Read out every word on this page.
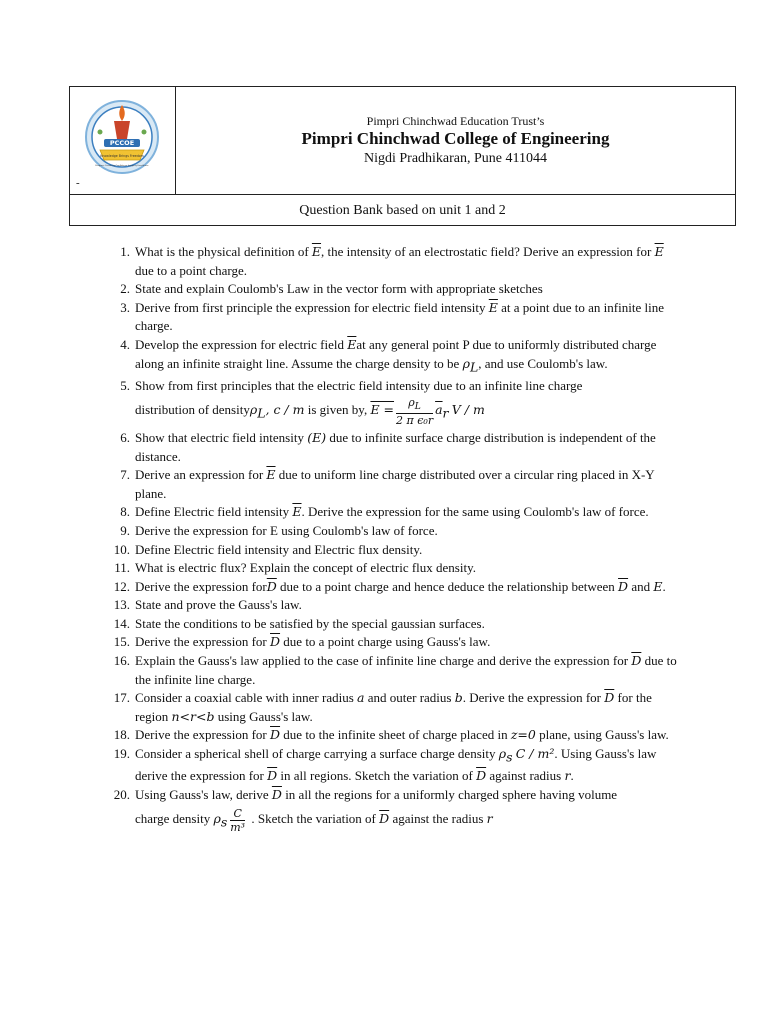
PCCOE
Knowledge Brings Freedom
Progress Creativity Confidence Integrity Excellence
-
Pimpri Chinchwad Education Trust’s
Pimpri Chinchwad College of Engineering
Nigdi Pradhikaran, Pune 411044
Question Bank based on unit 1 and 2
1. What is the physical definition of $\overline{E}$, the intensity of an electrostatic field? Derive an expression for $\overline{E}$ due to a point charge.
2. State and explain Coulomb's Law in the vector form with appropriate sketches
3. Derive from first principle the expression for electric field intensity $\overline{E}$ at a point due to an infinite line charge.
4. Develop the expression for electric field $\overline{E}at$ any general point P due to uniformly distributed charge along an infinite straight line. Assume the charge density to be $\rho_L$, and use Coulomb's law.
5. Show from first principles that the electric field intensity due to an infinite line charge
distribution of densityρ$_L$, c / m is given by, $E = \frac{\rho_L}{\text{2 π ϵ₀r}} \overline{a}_r$ V / m
6. Show that electric field intensity (E) due to infinite surface charge distribution is independent of the distance.
7. Derive an expression for $\overline{E}$ due to uniform line charge distributed over a circular ring placed in X-Y plane.
8. Define Electric field intensity $\overline{E}$. Derive the expression for the same using Coulomb's law of force.
9. Derive the expression for E using Coulomb's law of force.
10. Define Electric field intensity and Electric flux density.
11. What is electric flux? Explain the concept of electric flux density.
12. Derive the expression $for\overline{D}$ due to a point charge and hence deduce the relationship between $\overline{D}$ and E.
13. State and prove the Gauss's law.
14. State the conditions to be satisfied by the special gaussian surfaces.
15. Derive the expression for $\overline{D}$ due to a point charge using Gauss's law.
16. Explain the Gauss's law applied to the case of infinite line charge and derive the expression for $\overline{D}$ due to the infinite line charge.
17. Consider a coaxial cable with inner radius a and outer radius b. Derive the expression for $\overline{D}$ for the region n<r<b using Gauss's law.
18. Derive the expression for $\overline{D}$ due to the infinite sheet of charge placed in z=0 plane, using Gauss's law.
19. Consider a spherical shell of charge carrying a surface charge density $\rho_s$ C / m². Using Gauss's law derive the expression for $\overline{D}$ in all regions. Sketch the variation of $\overline{D}$ against radius r.
20. Using Gauss's law, derive $\overline{D}$ in all the regions for a uniformly charged sphere having volume
charge density $\rho_s \frac{C}{\text{m³}}$ . Sketch the variation of $\overline{D}$ against the radius r
